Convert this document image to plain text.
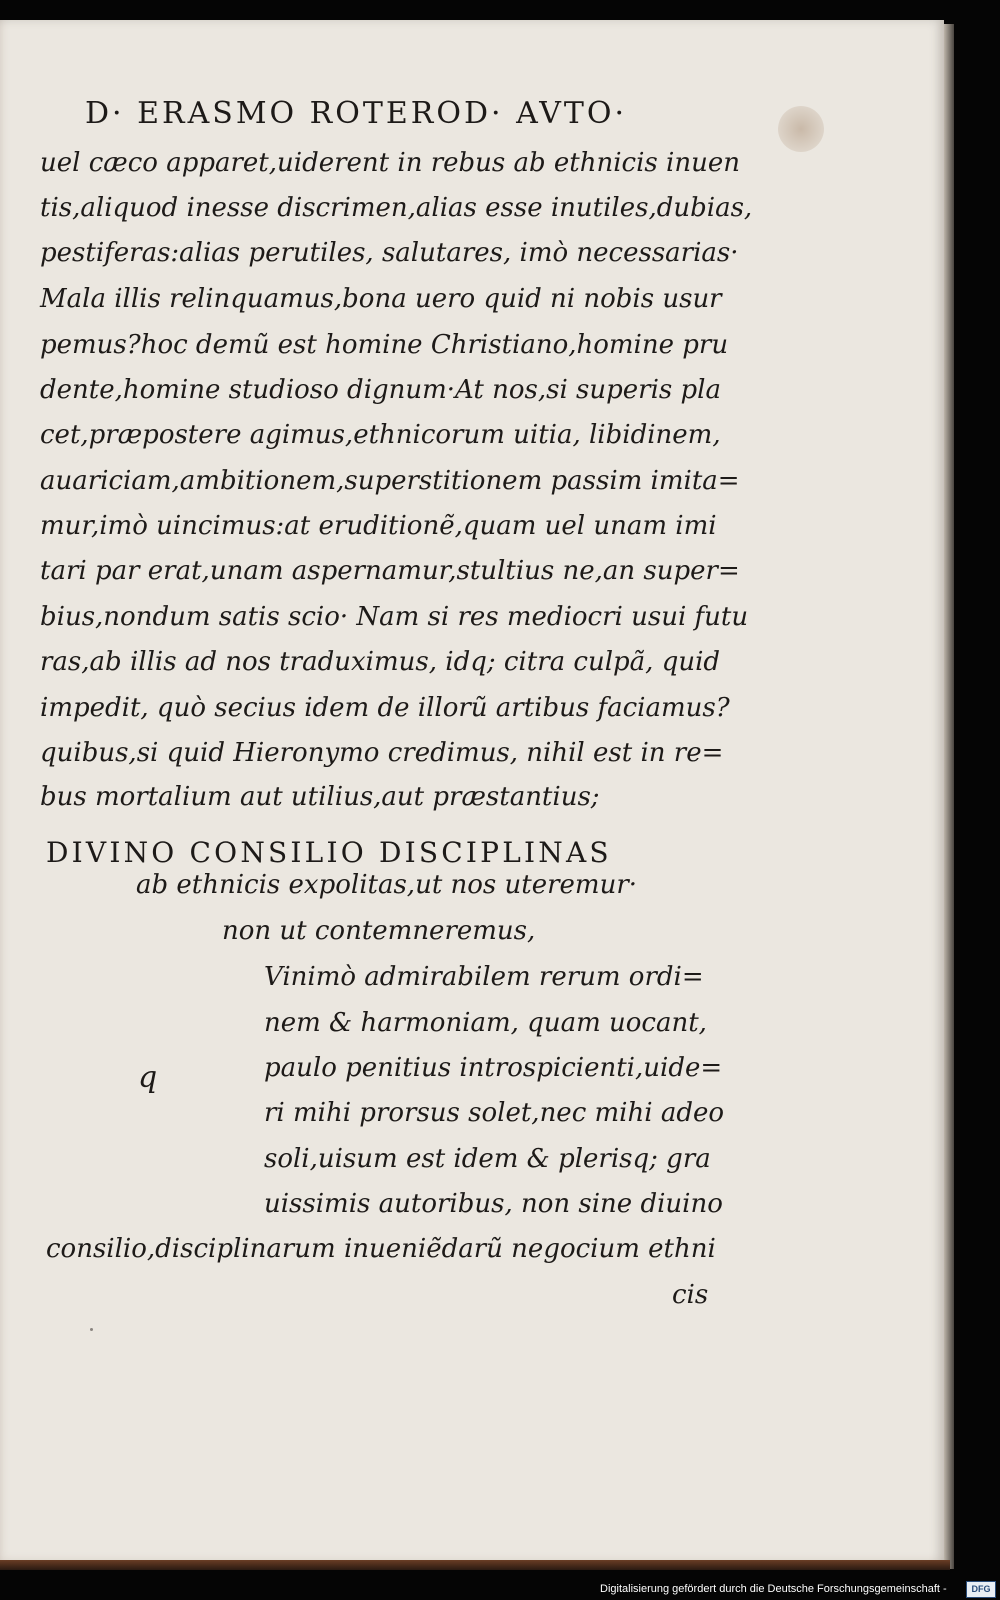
D· ERASMO ROTEROD· AVTO·
uel cæco apparet,uiderent in rebus ab ethnicis inuen
tis,aliquod inesse discrimen,alias esse inutiles,dubias,
pestiferas:alias perutiles, salutares, imò necessarias·
Mala illis relinquamus,bona uero quid ni nobis usur
pemus?hoc demũ est homine Christiano,homine pru
dente,homine studioso dignum·At nos,si superis pla
cet,præpostere agimus,ethnicorum uitia, libidinem,
auariciam,ambitionem,superstitionem passim imita=
mur,imò uincimus:at eruditionẽ,quam uel unam imi
tari par erat,unam aspernamur,stultius ne,an super=
bius,nondum satis scio· Nam si res mediocri usui futu
ras,ab illis ad nos traduximus, idq; citra culpã, quid
impedit, quò secius idem de illorũ artibus faciamus?
quibus,si quid Hieronymo credimus, nihil est in re=
bus mortalium aut utilius,aut præstantius;
DIVINO CONSILIO DISCIPLINAS
ab ethnicis expolitas,ut nos uteremur·
non ut contemneremus,
Vinimò admirabilem rerum ordi=
nem & harmoniam, quam uocant,
paulo penitius introspicienti,uide=
ri mihi prorsus solet,nec mihi adeo
soli,uisum est idem & plerisq; gra
uissimis autoribus, non sine diuino
q
consilio,disciplinarum inueniẽdarũ negocium ethni
cis
Digitalisierung gefördert durch die Deutsche Forschungsgemeinschaft -	DFG
